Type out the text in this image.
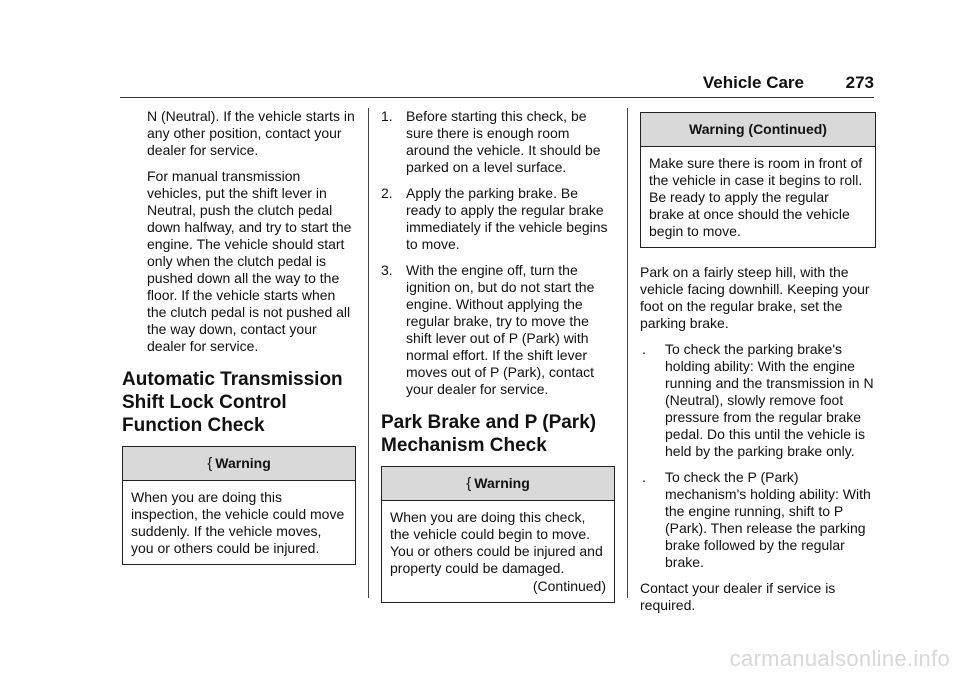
Vehicle Care 273

N (Neutral). If the vehicle starts in any other position, contact your dealer for service.

For manual transmission vehicles, put the shift lever in Neutral, push the clutch pedal down halfway, and try to start the engine. The vehicle should start only when the clutch pedal is pushed down all the way to the floor. If the vehicle starts when the clutch pedal is not pushed all the way down, contact your dealer for service.

Automatic Transmission
Shift Lock Control
Function Check
{ Warning

When you are doing this inspection, the vehicle could move suddenly. If the vehicle moves, you or others could be injured.

1. Before starting this check, be sure there is enough room around the vehicle. It should be parked on a level surface.
2. Apply the parking brake. Be ready to apply the regular brake immediately if the vehicle begins to move.
3. With the engine off, turn the ignition on, but do not start the engine. Without applying the regular brake, try to move the shift lever out of P (Park) with normal effort. If the shift lever moves out of P (Park), contact your dealer for service.
Park Brake and P (Park)
Mechanism Check
{ Warning

When you are doing this check, the vehicle could begin to move. You or others could be injured and property could be damaged.

(Continued)
Warning (Continued)

Make sure there is room in front of the vehicle in case it begins to roll. Be ready to apply the regular brake at once should the vehicle begin to move.

Park on a fairly steep hill, with the vehicle facing downhill. Keeping your foot on the regular brake, set the parking brake.

.	To check the parking brake's holding ability: With the engine running and the transmission in N (Neutral), slowly remove foot pressure from the regular brake pedal. Do this until the vehicle is held by the parking brake only.
.	To check the P (Park) mechanism's holding ability: With the engine running, shift to P (Park). Then release the parking brake followed by the regular brake.

Contact your dealer if service is required.

carmanualsonline.info
